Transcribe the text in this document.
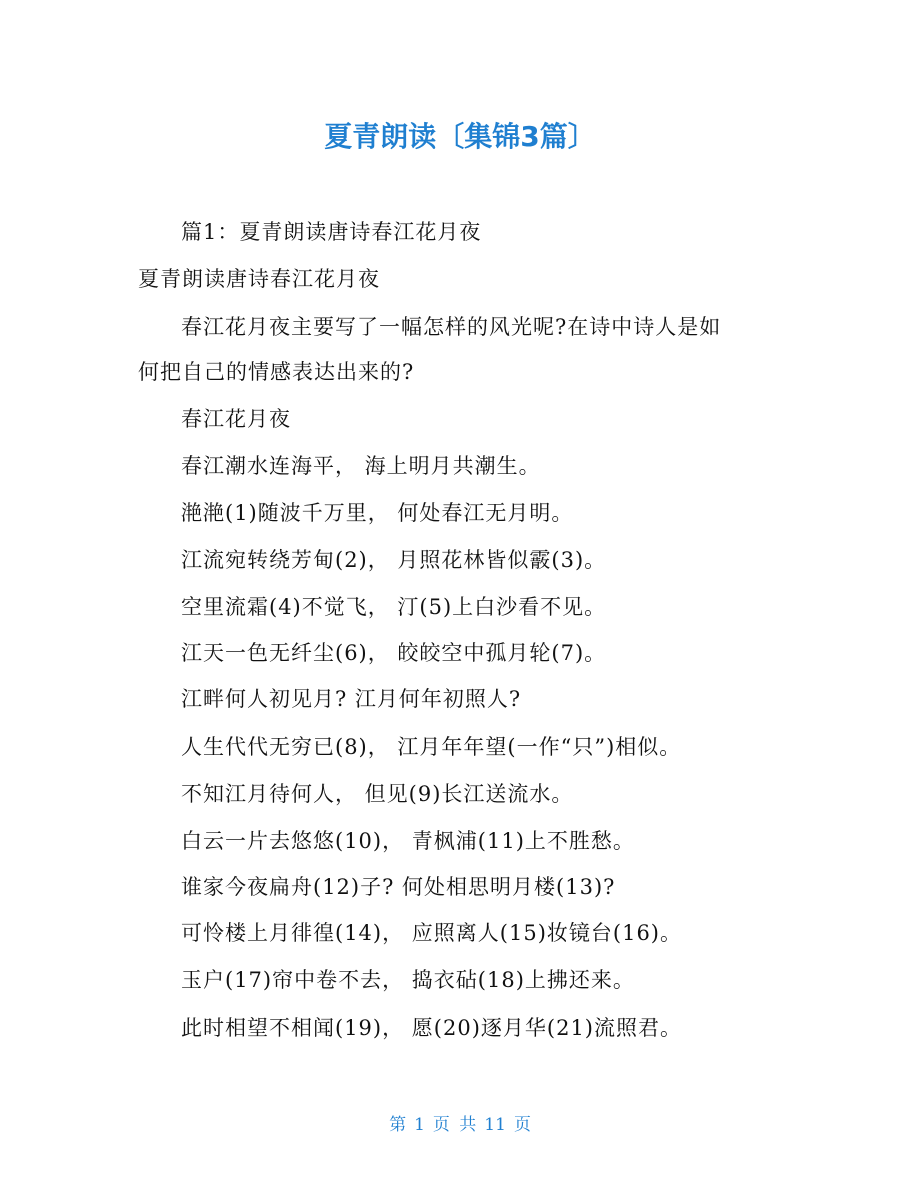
夏青朗读〔集锦3篇〕
篇1：夏青朗读唐诗春江花月夜
夏青朗读唐诗春江花月夜
春江花月夜主要写了一幅怎样的风光呢?在诗中诗人是如
何把自己的情感表达出来的?
春江花月夜
春江潮水连海平， 海上明月共潮生。
滟滟(1)随波千万里， 何处春江无月明。
江流宛转绕芳甸(2)， 月照花林皆似霰(3)。
空里流霜(4)不觉飞， 汀(5)上白沙看不见。
江天一色无纤尘(6)， 皎皎空中孤月轮(7)。
江畔何人初见月? 江月何年初照人?
人生代代无穷已(8)， 江月年年望(一作“只”)相似。
不知江月待何人， 但见(9)长江送流水。
白云一片去悠悠(10)， 青枫浦(11)上不胜愁。
谁家今夜扁舟(12)子? 何处相思明月楼(13)?
可怜楼上月徘徨(14)， 应照离人(15)妆镜台(16)。
玉户(17)帘中卷不去， 捣衣砧(18)上拂还来。
此时相望不相闻(19)， 愿(20)逐月华(21)流照君。
第 1 页 共 11 页
